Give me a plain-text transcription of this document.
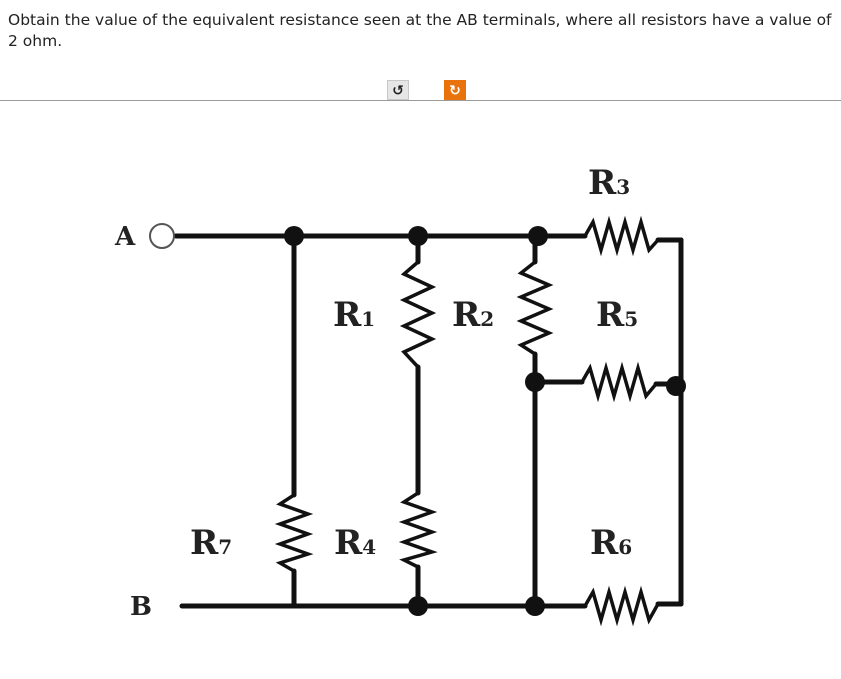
Obtain the value of the equivalent resistance seen at the AB terminals, where all resistors have a value of 2 ohm.
↺	↻
A
B
R3
R1 R2	R5
R7	R4	R6
